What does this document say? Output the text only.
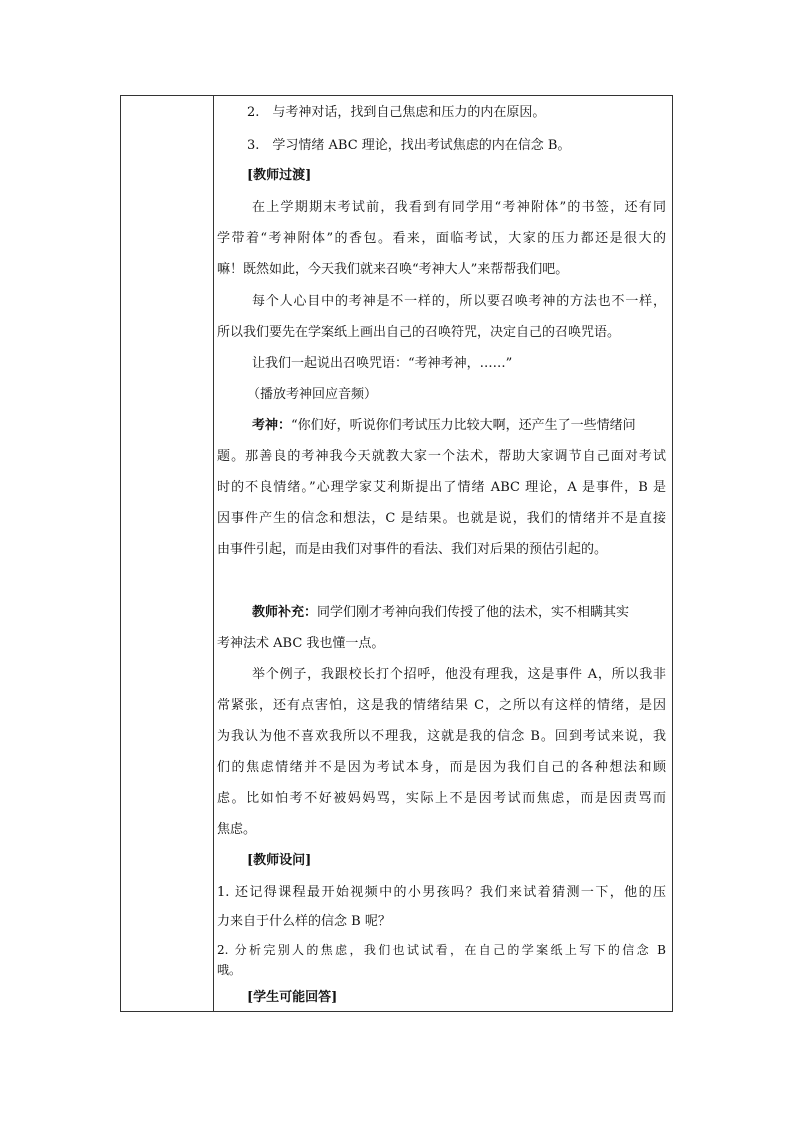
2.　与考神对话，找到自己焦虑和压力的内在原因。
3.　学习情绪 ABC 理论，找出考试焦虑的内在信念 B。
[教师过渡]
在上学期期末考试前，我看到有同学用“考神附体”的书签，还有同
学带着“考神附体”的香包。看来，面临考试，大家的压力都还是很大的
嘛！既然如此，今天我们就来召唤“考神大人”来帮帮我们吧。
每个人心目中的考神是不一样的，所以要召唤考神的方法也不一样，
所以我们要先在学案纸上画出自己的召唤符咒，决定自己的召唤咒语。
让我们一起说出召唤咒语：“考神考神，……”
（播放考神回应音频）
考神：“你们好，听说你们考试压力比较大啊，还产生了一些情绪问
题。那善良的考神我今天就教大家一个法术，帮助大家调节自己面对考试
时的不良情绪。”心理学家艾利斯提出了情绪 ABC 理论，A 是事件，B 是
因事件产生的信念和想法，C 是结果。也就是说，我们的情绪并不是直接
由事件引起，而是由我们对事件的看法、我们对后果的预估引起的。
教师补充：同学们刚才考神向我们传授了他的法术，实不相瞒其实
考神法术 ABC 我也懂一点。
举个例子，我跟校长打个招呼，他没有理我，这是事件 A，所以我非
常紧张，还有点害怕，这是我的情绪结果 C，之所以有这样的情绪，是因
为我认为他不喜欢我所以不理我，这就是我的信念 B。回到考试来说，我
们的焦虑情绪并不是因为考试本身，而是因为我们自己的各种想法和顾
虑。比如怕考不好被妈妈骂，实际上不是因考试而焦虑，而是因责骂而
焦虑。
[教师设问]
1. 还记得课程最开始视频中的小男孩吗？我们来试着猜测一下，他的压
力来自于什么样的信念 B 呢？
2. 分析完别人的焦虑，我们也试试看，在自己的学案纸上写下的信念 B
哦。
[学生可能回答]
